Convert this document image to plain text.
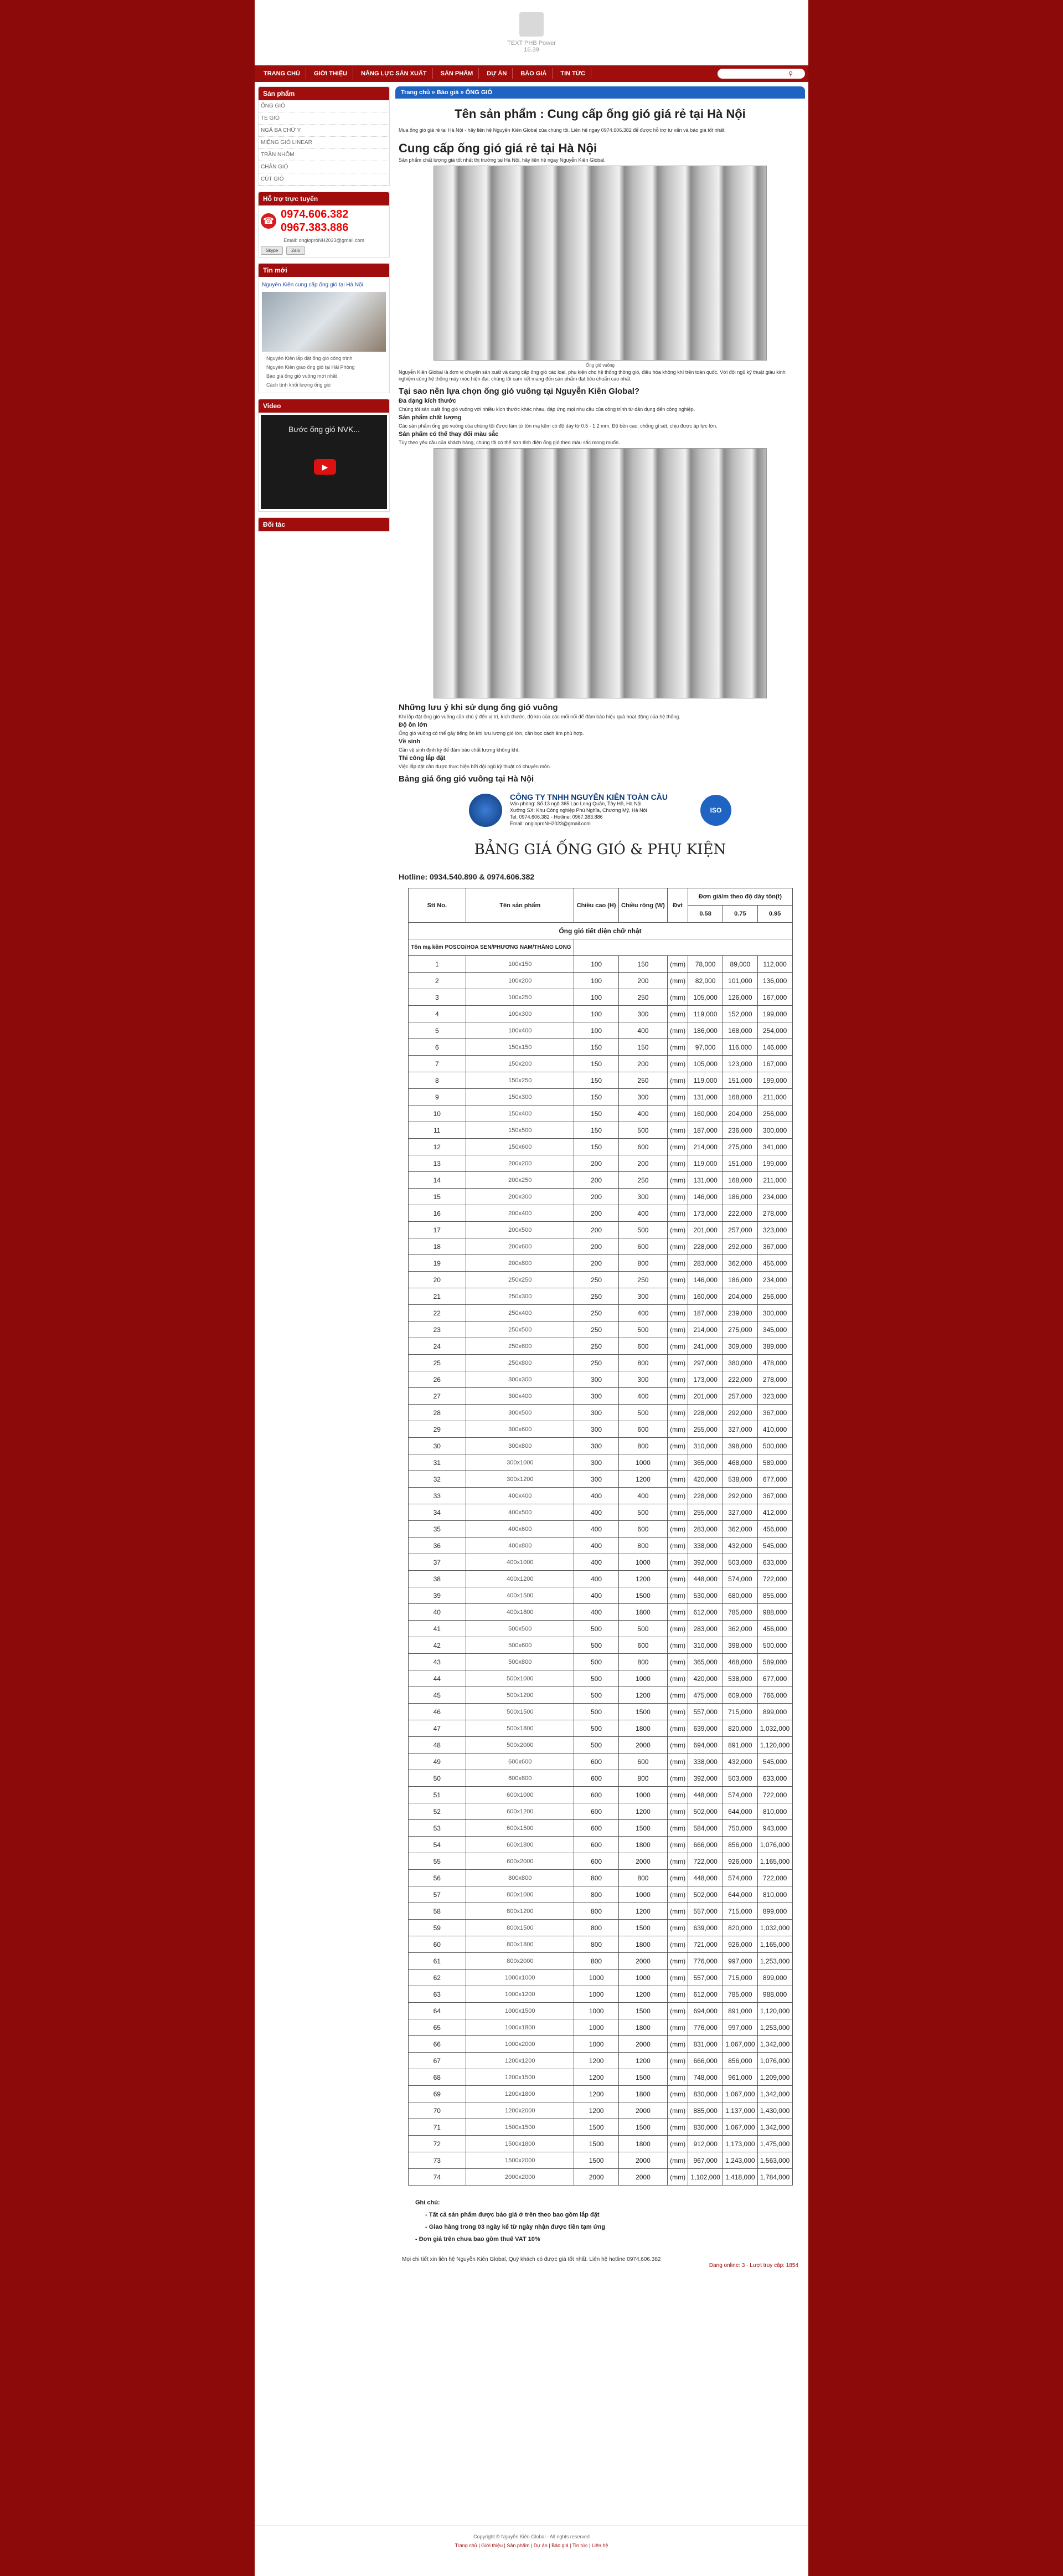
TEXT PHB Power 16.39
TRANG CHỦ	GIỚI THIỆU	NĂNG LỰC SẢN XUẤT	SẢN PHẨM	DỰ ÁN	BÁO GIÁ	TIN TỨC	⚲
Sản phẩm
ỐNG GIÓ
TE GIÓ
NGÃ BA CHỮ Y
MIỆNG GIÓ LINEAR
TRẦN NHÔM
CHÂN GIÓ
CÚT GIÓ
Hỗ trợ trực tuyến
☎
0974.606.382
0967.383.886
Email: ongioproNH2023@gmail.com
Skype	Zalo
Tin mới
Nguyên Kiên cung cấp ống gió tại Hà Nội
Nguyên Kiên lắp đặt ống gió công trình
Nguyên Kiên giao ống gió tại Hải Phòng
Báo giá ống gió vuông mới nhất
Cách tính khối lượng ống gió
Video
Bước ống gió NVK...
▶
Đối tác
Trang chủ » Báo giá » ỐNG GIÓ
Tên sản phẩm : Cung cấp ống gió giá rẻ tại Hà Nội
Mua ống gió giá rẻ tại Hà Nội - hãy liên hệ Nguyên Kiên Global của chúng tôi. Liên hệ ngay 0974.606.382 để được hỗ trợ tư vấn và báo giá tốt nhất.
Cung cấp ống gió giá rẻ tại Hà Nội

Sản phẩm chất lượng giá tốt nhất thị trường tại Hà Nội, hãy liên hệ ngay Nguyễn Kiên Global.

Ống gió vuông

Nguyễn Kiên Global là đơn vị chuyên sản xuất và cung cấp ống gió các loại, phụ kiện cho hệ thống thông gió, điều hòa không khí trên toàn quốc. Với đội ngũ kỹ thuật giàu kinh nghiệm cùng hệ thống máy móc hiện đại, chúng tôi cam kết mang đến sản phẩm đạt tiêu chuẩn cao nhất.

Tại sao nên lựa chọn ống gió vuông tại Nguyễn Kiên Global?
Đa dạng kích thước

Chúng tôi sản xuất ống gió vuông với nhiều kích thước khác nhau, đáp ứng mọi nhu cầu của công trình từ dân dụng đến công nghiệp.

Sản phẩm chất lượng

Các sản phẩm ống gió vuông của chúng tôi được làm từ tôn mạ kẽm có độ dày từ 0.5 - 1.2 mm. Độ bền cao, chống gỉ sét, chịu được áp lực lớn.

Sản phẩm có thể thay đổi màu sắc

Tùy theo yêu cầu của khách hàng, chúng tôi có thể sơn tĩnh điện ống gió theo màu sắc mong muốn.

Những lưu ý khi sử dụng ống gió vuông

Khi lắp đặt ống gió vuông cần chú ý đến vị trí, kích thước, độ kín của các mối nối để đảm bảo hiệu quả hoạt động của hệ thống.

Độ ồn lớn

Ống gió vuông có thể gây tiếng ồn khi lưu lượng gió lớn, cần bọc cách âm phù hợp.

Về sinh

Cần vệ sinh định kỳ để đảm bảo chất lượng không khí.

Thi công lắp đặt

Việc lắp đặt cần được thực hiện bởi đội ngũ kỹ thuật có chuyên môn.

Bảng giá ống gió vuông tại Hà Nội
CÔNG TY TNHH NGUYỄN KIÊN TOÀN CẦU
Văn phòng: Số 13 ngõ 365 Lạc Long Quân, Tây Hồ, Hà Nội
Xưởng SX: Khu Công nghiệp Phú Nghĩa, Chương Mỹ, Hà Nội
Tel: 0974.606.382 - Hotline: 0967.383.886
Email: ongioproNH2023@gmail.com
ISO
BẢNG GIÁ ỐNG GIÓ & PHỤ KIỆN
Hotline: 0934.540.890 & 0974.606.382
Stt No.	Tên sản phẩm	Chiều cao (H)	Chiều rộng (W)	Đvt	Đơn giá/m theo độ dày tôn(t)		
					0.58	0.75	0.95
Ống gió tiết diện chữ nhật							
Tôn mạ kẽm POSCO/HOA SEN/PHƯƠNG NAM/THĂNG LONG							
1	100x150	100	150	(mm)	78,000	89,000	112,000
2	100x200	100	200	(mm)	82,000	101,000	136,000
3	100x250	100	250	(mm)	105,000	126,000	167,000
4	100x300	100	300	(mm)	119,000	152,000	199,000
5	100x400	100	400	(mm)	186,000	168,000	254,000
6	150x150	150	150	(mm)	97,000	116,000	146,000
7	150x200	150	200	(mm)	105,000	123,000	167,000
8	150x250	150	250	(mm)	119,000	151,000	199,000
9	150x300	150	300	(mm)	131,000	168,000	211,000
10	150x400	150	400	(mm)	160,000	204,000	256,000
11	150x500	150	500	(mm)	187,000	236,000	300,000
12	150x600	150	600	(mm)	214,000	275,000	341,000
13	200x200	200	200	(mm)	119,000	151,000	199,000
14	200x250	200	250	(mm)	131,000	168,000	211,000
15	200x300	200	300	(mm)	146,000	186,000	234,000
16	200x400	200	400	(mm)	173,000	222,000	278,000
17	200x500	200	500	(mm)	201,000	257,000	323,000
18	200x600	200	600	(mm)	228,000	292,000	367,000
19	200x800	200	800	(mm)	283,000	362,000	456,000
20	250x250	250	250	(mm)	146,000	186,000	234,000
21	250x300	250	300	(mm)	160,000	204,000	256,000
22	250x400	250	400	(mm)	187,000	239,000	300,000
23	250x500	250	500	(mm)	214,000	275,000	345,000
24	250x600	250	600	(mm)	241,000	309,000	389,000
25	250x800	250	800	(mm)	297,000	380,000	478,000
26	300x300	300	300	(mm)	173,000	222,000	278,000
27	300x400	300	400	(mm)	201,000	257,000	323,000
28	300x500	300	500	(mm)	228,000	292,000	367,000
29	300x600	300	600	(mm)	255,000	327,000	410,000
30	300x800	300	800	(mm)	310,000	398,000	500,000
31	300x1000	300	1000	(mm)	365,000	468,000	589,000
32	300x1200	300	1200	(mm)	420,000	538,000	677,000
33	400x400	400	400	(mm)	228,000	292,000	367,000
34	400x500	400	500	(mm)	255,000	327,000	412,000
35	400x600	400	600	(mm)	283,000	362,000	456,000
36	400x800	400	800	(mm)	338,000	432,000	545,000
37	400x1000	400	1000	(mm)	392,000	503,000	633,000
38	400x1200	400	1200	(mm)	448,000	574,000	722,000
39	400x1500	400	1500	(mm)	530,000	680,000	855,000
40	400x1800	400	1800	(mm)	612,000	785,000	988,000
41	500x500	500	500	(mm)	283,000	362,000	456,000
42	500x600	500	600	(mm)	310,000	398,000	500,000
43	500x800	500	800	(mm)	365,000	468,000	589,000
44	500x1000	500	1000	(mm)	420,000	538,000	677,000
45	500x1200	500	1200	(mm)	475,000	609,000	766,000
46	500x1500	500	1500	(mm)	557,000	715,000	899,000
47	500x1800	500	1800	(mm)	639,000	820,000	1,032,000
48	500x2000	500	2000	(mm)	694,000	891,000	1,120,000
49	600x600	600	600	(mm)	338,000	432,000	545,000
50	600x800	600	800	(mm)	392,000	503,000	633,000
51	600x1000	600	1000	(mm)	448,000	574,000	722,000
52	600x1200	600	1200	(mm)	502,000	644,000	810,000
53	600x1500	600	1500	(mm)	584,000	750,000	943,000
54	600x1800	600	1800	(mm)	666,000	856,000	1,076,000
55	600x2000	600	2000	(mm)	722,000	926,000	1,165,000
56	800x800	800	800	(mm)	448,000	574,000	722,000
57	800x1000	800	1000	(mm)	502,000	644,000	810,000
58	800x1200	800	1200	(mm)	557,000	715,000	899,000
59	800x1500	800	1500	(mm)	639,000	820,000	1,032,000
60	800x1800	800	1800	(mm)	721,000	926,000	1,165,000
61	800x2000	800	2000	(mm)	776,000	997,000	1,253,000
62	1000x1000	1000	1000	(mm)	557,000	715,000	899,000
63	1000x1200	1000	1200	(mm)	612,000	785,000	988,000
64	1000x1500	1000	1500	(mm)	694,000	891,000	1,120,000
65	1000x1800	1000	1800	(mm)	776,000	997,000	1,253,000
66	1000x2000	1000	2000	(mm)	831,000	1,067,000	1,342,000
67	1200x1200	1200	1200	(mm)	666,000	856,000	1,076,000
68	1200x1500	1200	1500	(mm)	748,000	961,000	1,209,000
69	1200x1800	1200	1800	(mm)	830,000	1,067,000	1,342,000
70	1200x2000	1200	2000	(mm)	885,000	1,137,000	1,430,000
71	1500x1500	1500	1500	(mm)	830,000	1,067,000	1,342,000
72	1500x1800	1500	1800	(mm)	912,000	1,173,000	1,475,000
73	1500x2000	1500	2000	(mm)	967,000	1,243,000	1,563,000
74	2000x2000	2000	2000	(mm)	1,102,000	1,418,000	1,784,000
Ghi chú:
- Tất cả sản phẩm được bảo giá ở trên theo bao gồm lắp đặt
- Giao hàng trong 03 ngày kể từ ngày nhận được tiền tạm ứng
- Đơn giá trên chưa bao gồm thuế VAT 10%
Mọi chi tiết xin liên hệ Nguyễn Kiên Global, Quý khách có được giá tốt nhất. Liên hệ hotline 0974.606.382
Đang online: 3 · Lượt truy cập: 1854
Copyright © Nguyễn Kiên Global - All rights reserved
Trang chủ | Giới thiệu | Sản phẩm | Dự án | Báo giá | Tin tức | Liên hệ
